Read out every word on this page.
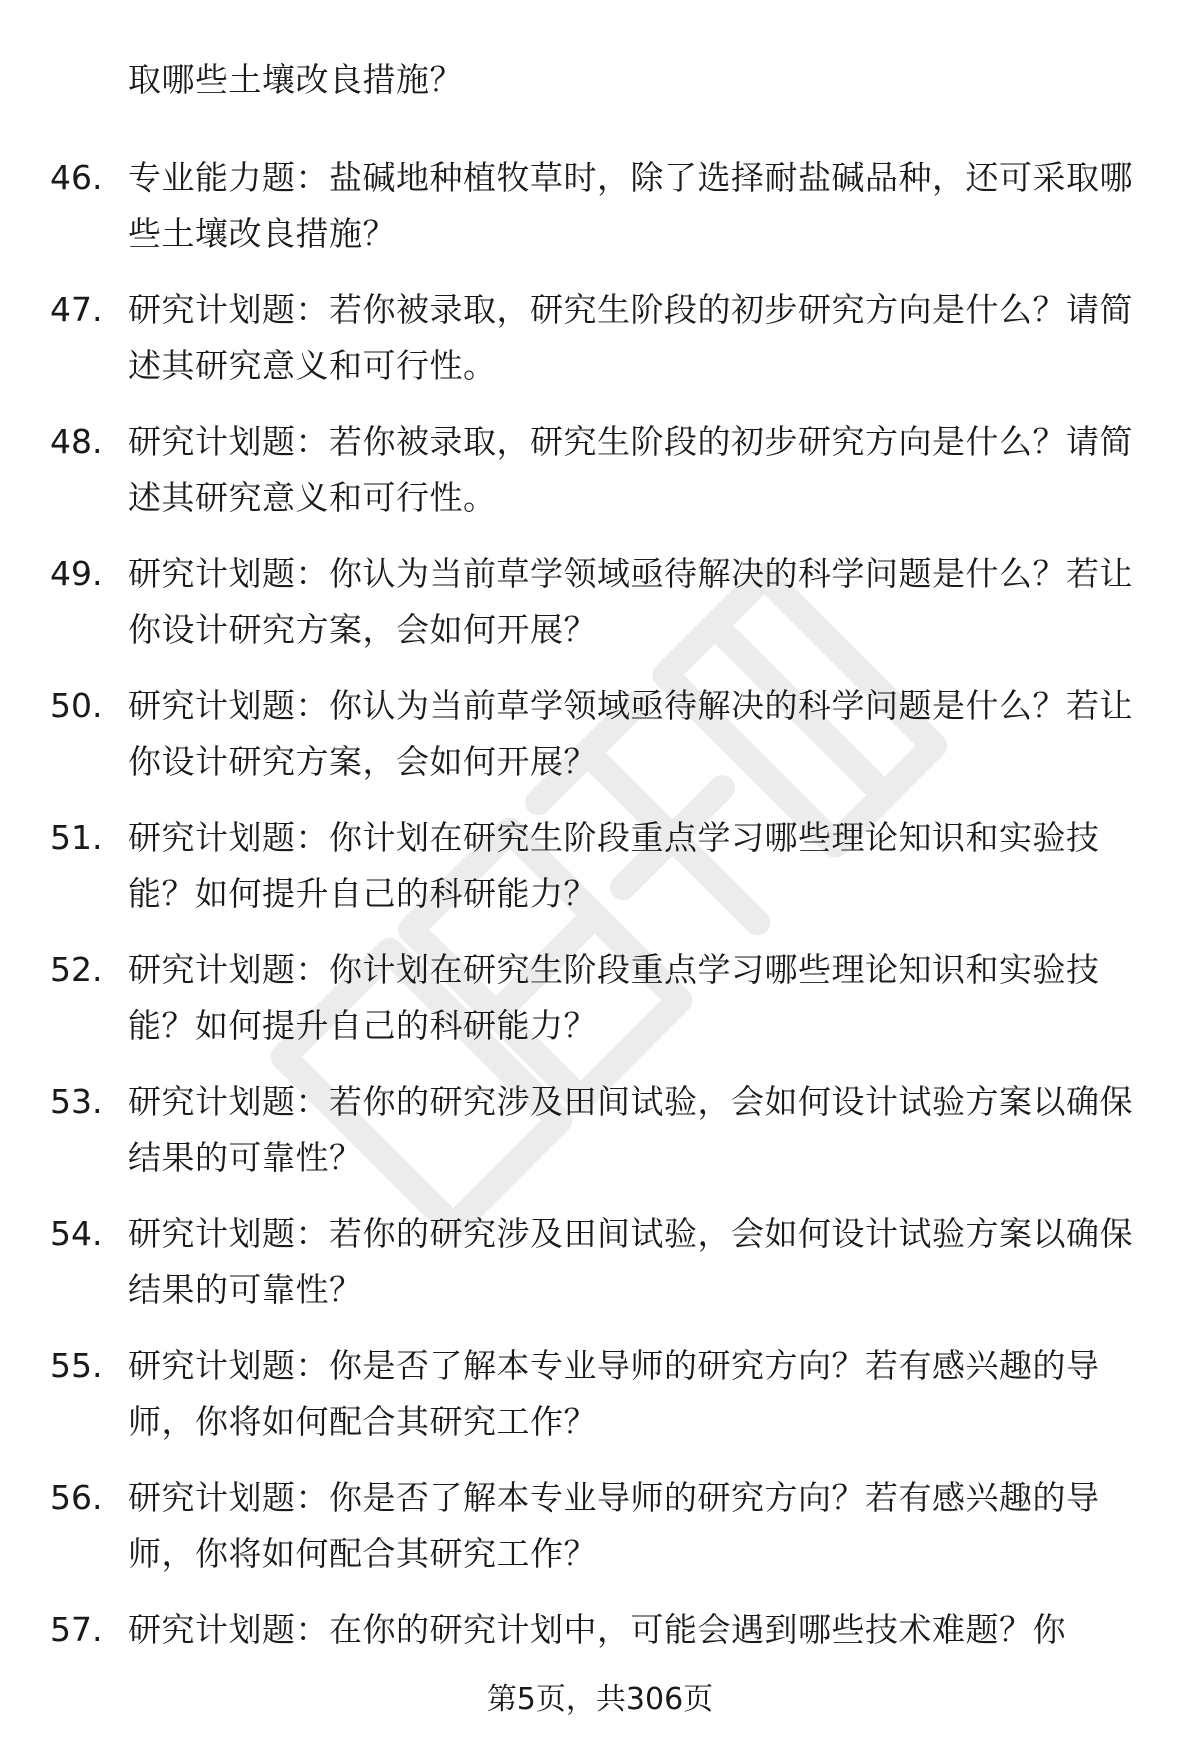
取哪些土壤改良措施？
46. 专业能力题：盐碱地种植牧草时，除了选择耐盐碱品种，还可采取哪些土壤改良措施？
47. 研究计划题：若你被录取，研究生阶段的初步研究方向是什么？请简述其研究意义和可行性。
48. 研究计划题：若你被录取，研究生阶段的初步研究方向是什么？请简述其研究意义和可行性。
49. 研究计划题：你认为当前草学领域亟待解决的科学问题是什么？若让你设计研究方案，会如何开展？
50. 研究计划题：你认为当前草学领域亟待解决的科学问题是什么？若让你设计研究方案，会如何开展？
51. 研究计划题：你计划在研究生阶段重点学习哪些理论知识和实验技能？如何提升自己的科研能力？
52. 研究计划题：你计划在研究生阶段重点学习哪些理论知识和实验技能？如何提升自己的科研能力？
53. 研究计划题：若你的研究涉及田间试验，会如何设计试验方案以确保结果的可靠性？
54. 研究计划题：若你的研究涉及田间试验，会如何设计试验方案以确保结果的可靠性？
55. 研究计划题：你是否了解本专业导师的研究方向？若有感兴趣的导师，你将如何配合其研究工作？
56. 研究计划题：你是否了解本专业导师的研究方向？若有感兴趣的导师，你将如何配合其研究工作？
57. 研究计划题：在你的研究计划中，可能会遇到哪些技术难题？你
第5页，共306页
